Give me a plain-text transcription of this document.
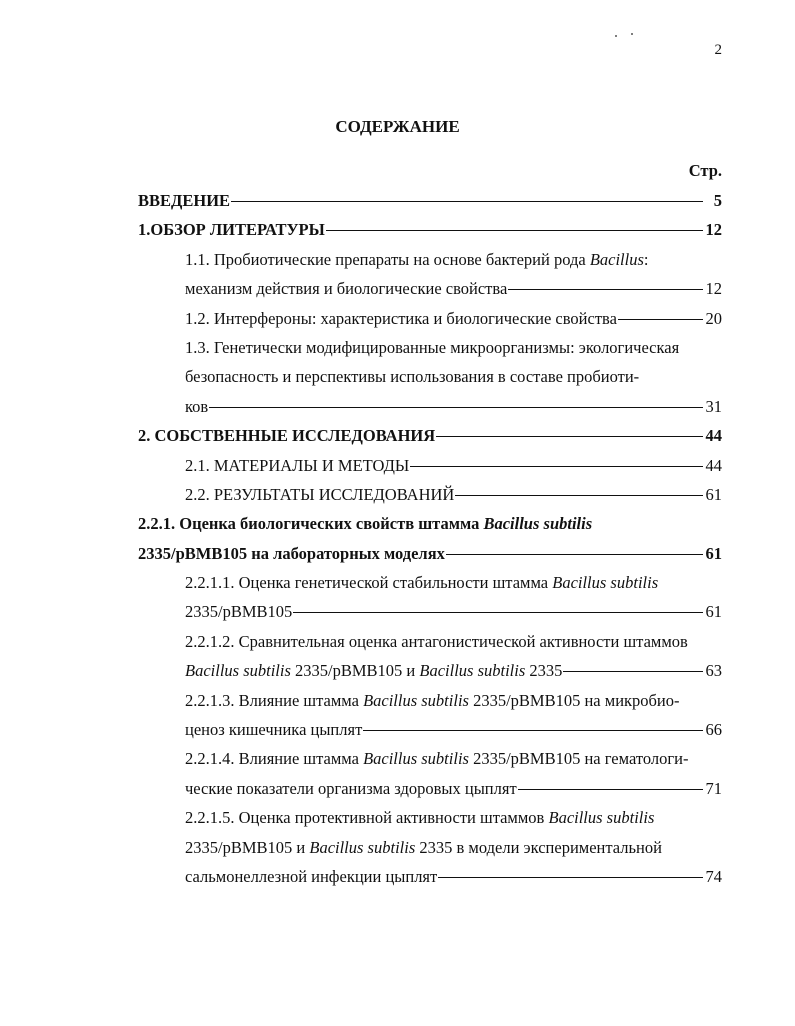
2
СОДЕРЖАНИЕ
Стр.
ВВЕДЕНИЕ	5
1.ОБЗОР ЛИТЕРАТУРЫ	12
1.1. Пробиотические препараты на основе бактерий рода Bacillus:
механизм действия и биологические свойства	12
1.2. Интерфероны: характеристика и биологические свойства	20
1.3. Генетически модифицированные микроорганизмы: экологическая
безопасность и перспективы использования в составе пробиоти-
ков	31
2. СОБСТВЕННЫЕ ИССЛЕДОВАНИЯ	44
2.1. МАТЕРИАЛЫ И МЕТОДЫ	44
2.2. РЕЗУЛЬТАТЫ ИССЛЕДОВАНИЙ	61
2.2.1. Оценка биологических свойств штамма Bacillus subtilis
2335/pBMB105 на лабораторных моделях	61
2.2.1.1. Оценка генетической стабильности штамма Bacillus subtilis
2335/pBMB105	61
2.2.1.2. Сравнительная оценка антагонистической активности штаммов
Bacillus subtilis 2335/pBMB105 и Bacillus subtilis 2335	63
2.2.1.3. Влияние штамма Bacillus subtilis 2335/pBMB105 на микробио-
ценоз кишечника цыплят	66
2.2.1.4. Влияние штамма Bacillus subtilis 2335/pBMB105 на гематологи-
ческие показатели организма здоровых цыплят	71
2.2.1.5. Оценка протективной активности штаммов Bacillus subtilis
2335/pBMB105 и Bacillus subtilis 2335 в модели экспериментальной
сальмонеллезной инфекции цыплят	74
